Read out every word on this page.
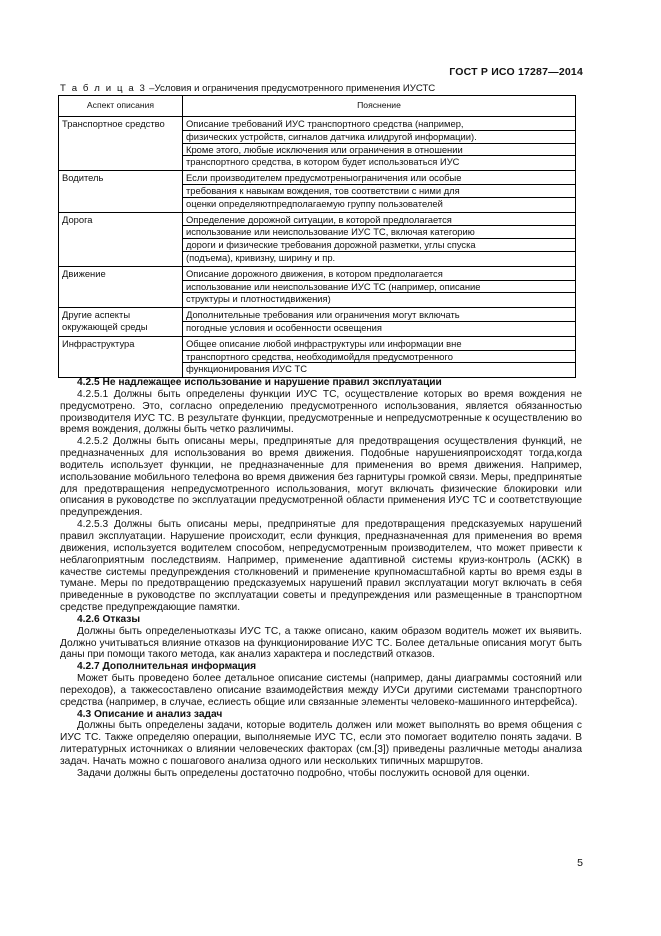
ГОСТ Р ИСО 17287—2014
Т а б л и ц а 3 –Условия и ограничения предусмотренного применения ИУСТС
Аспект описания	Пояснение
Транспортное средство	Описание требований ИУС транспортного средства (например,

физических устройств, сигналов датчика илидругой информации).

Кроме этого, любые исключения или ограничения в отношении

транспортного средства, в котором будет использоваться ИУС

Водитель	Если производителем предусмотреныограничения или особые

требования к навыкам вождения, тов соответствии с ними для

оценки определяютпредполагаемую группу пользователей

Дорога	Определение дорожной ситуации, в которой предполагается

использование или неиспользование ИУС ТС, включая категорию

дороги и физические требования дорожной разметки, углы спуска

(подъема), кривизну, ширину и пр.

Движение	Описание дорожного движения, в котором предполагается

использование или неиспользование ИУС ТС (например, описание

структуры и плотностидвижения)

Другие аспекты окружающей среды	Дополнительные требования или ограничения могут включать

погодные условия и особенности освещения

Инфраструктура	Общее описание любой инфраструктуры или информации вне

транспортного средства, необходимойдля предусмотренного

функционирования ИУС ТС

4.2.5 Не надлежащее использование и нарушение правил эксплуатации

4.2.5.1 Должны быть определены функции ИУС ТС, осуществление которых во время вождения не предусмотрено. Это, согласно определению предусмотренного использования, является обязанностью производителя ИУС ТС. В результате функции, предусмотренные и непредусмотренные к осуществлению во время вождения, должны быть четко различимы.

4.2.5.2 Должны быть описаны меры, предпринятые для предотвращения осуществления функций, не предназначенных для использования во время движения. Подобные нарушенияпроисходят тогда,когда водитель использует функции, не предназначенные для применения во время движения. Например, использование мобильного телефона во время движения без гарнитуры громкой связи. Меры, предпринятые для предотвращения непредусмотренного использования, могут включать физические блокировки или описания в руководстве по эксплуатации предусмотренной области применения ИУС ТС и соответствующие предупреждения.

4.2.5.3 Должны быть описаны меры, предпринятые для предотвращения предсказуемых нарушений правил эксплуатации. Нарушение происходит, если функция, предназначенная для применения во время движения, используется водителем способом, непредусмотренным производителем, что может привести к неблагоприятным последствиям. Например, применение адаптивной системы круиз-контроль (АСКК) в качестве системы предупреждения столкновений и применение крупномасштабной карты во время езды в тумане. Меры по предотвращению предсказуемых нарушений правил эксплуатации могут включать в себя приведенные в руководстве по эксплуатации советы и предупреждения или размещенные в транспортном средстве предупреждающие памятки.

4.2.6 Отказы

Должны быть определеныотказы ИУС ТС, а также описано, каким образом водитель может их выявить. Должно учитываться влияние отказов на функционирование ИУС ТС. Более детальные описания могут быть даны при помощи такого метода, как анализ характера и последствий отказов.

4.2.7 Дополнительная информация

Может быть проведено более детальное описание системы (например, даны диаграммы состояний или переходов), а такжесоставлено описание взаимодействия между ИУСи другими системами транспортного средства (например, в случае, еслиесть общие или связанные элементы человеко-машинного интерфейса).

4.3 Описание и анализ задач

Должны быть определены задачи, которые водитель должен или может выполнять во время общения с ИУС ТС. Также определяю операции, выполняемые ИУС ТС, если это помогает водителю понять задачи. В литературных источниках о влиянии человеческих факторах (см.[3]) приведены различные методы анализа задач. Начать можно с пошагового анализа одного или нескольких типичных маршрутов.

Задачи должны быть определены достаточно подробно, чтобы послужить основой для оценки.

5
